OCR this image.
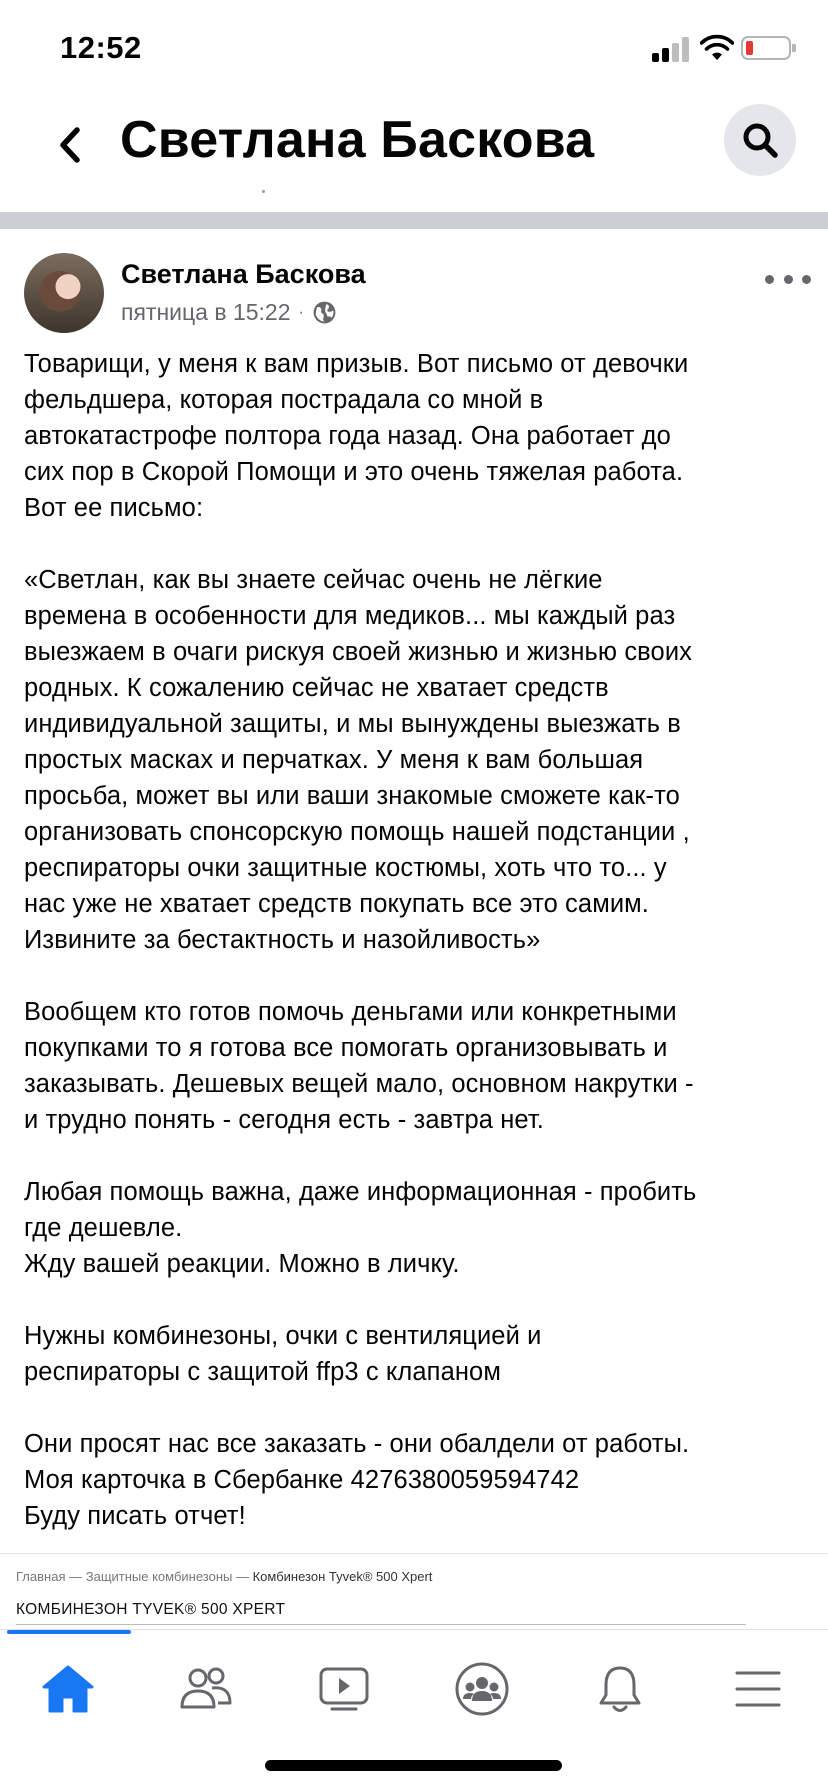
12:52
Светлана Баскова
Светлана Баскова
пятница в 15:22 ·
Товарищи, у меня к вам призыв. Вот письмо от девочки
фельдшера, которая пострадала со мной в
автокатастрофе полтора года назад. Она работает до
сих пор в Скорой Помощи и это очень тяжелая работа.
Вот ее письмо:
«Светлан, как вы знаете сейчас очень не лёгкие
времена в особенности для медиков... мы каждый раз
выезжаем в очаги рискуя своей жизнью и жизнью своих
родных. К сожалению сейчас не хватает средств
индивидуальной защиты, и мы вынуждены выезжать в
простых масках и перчатках. У меня к вам большая
просьба, может вы или ваши знакомые сможете как-то
организовать спонсорскую помощь нашей подстанции ,
респираторы очки защитные костюмы, хоть что то... у
нас уже не хватает средств покупать все это самим.
Извините за бестактность и назойливость»
Вообщем кто готов помочь деньгами или конкретными
покупками то я готова все помогать организовывать и
заказывать. Дешевых вещей мало, основном накрутки -
и трудно понять - сегодня есть - завтра нет.
Любая помощь важна, даже информационная - пробить
где дешевле.
Жду вашей реакции. Можно в личку.
Нужны комбинезоны, очки с вентиляцией и
респираторы с защитой ffp3 с клапаном
Они просят нас все заказать - они обалдели от работы.
Моя карточка в Сбербанке 4276380059594742
Буду писать отчет!
Главная — Защитные комбинезоны — Комбинезон Tyvek® 500 Xpert
КОМБИНЕЗОН TYVEK® 500 XPERT
